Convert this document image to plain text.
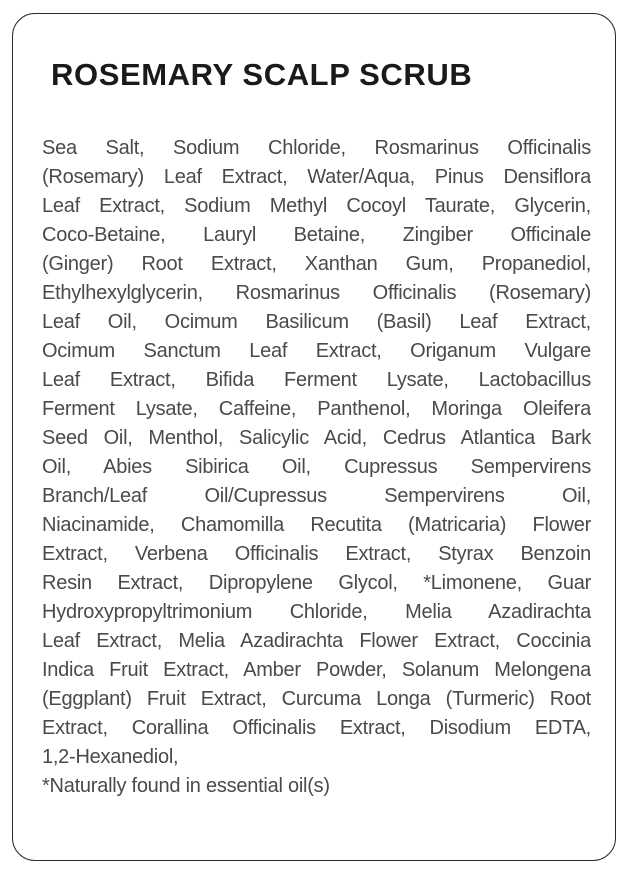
ROSEMARY SCALP SCRUB
Sea Salt, Sodium Chloride, Rosmarinus Officinalis
(Rosemary) Leaf Extract, Water/Aqua, Pinus Densiflora
Leaf Extract, Sodium Methyl Cocoyl Taurate, Glycerin,
Coco-Betaine, Lauryl Betaine, Zingiber Officinale
(Ginger) Root Extract, Xanthan Gum, Propanediol,
Ethylhexylglycerin, Rosmarinus Officinalis (Rosemary)
Leaf Oil, Ocimum Basilicum (Basil) Leaf Extract,
Ocimum Sanctum Leaf Extract, Origanum Vulgare
Leaf Extract, Bifida Ferment Lysate, Lactobacillus
Ferment Lysate, Caffeine, Panthenol, Moringa Oleifera
Seed Oil, Menthol, Salicylic Acid, Cedrus Atlantica Bark
Oil, Abies Sibirica Oil, Cupressus Sempervirens
Branch/Leaf Oil/Cupressus Sempervirens Oil,
Niacinamide, Chamomilla Recutita (Matricaria) Flower
Extract, Verbena Officinalis Extract, Styrax Benzoin
Resin Extract, Dipropylene Glycol, *Limonene, Guar
Hydroxypropyltrimonium Chloride, Melia Azadirachta
Leaf Extract, Melia Azadirachta Flower Extract, Coccinia
Indica Fruit Extract, Amber Powder, Solanum Melongena
(Eggplant) Fruit Extract, Curcuma Longa (Turmeric) Root
Extract, Corallina Officinalis Extract, Disodium EDTA,
1,2-Hexanediol,
*Naturally found in essential oil(s)
